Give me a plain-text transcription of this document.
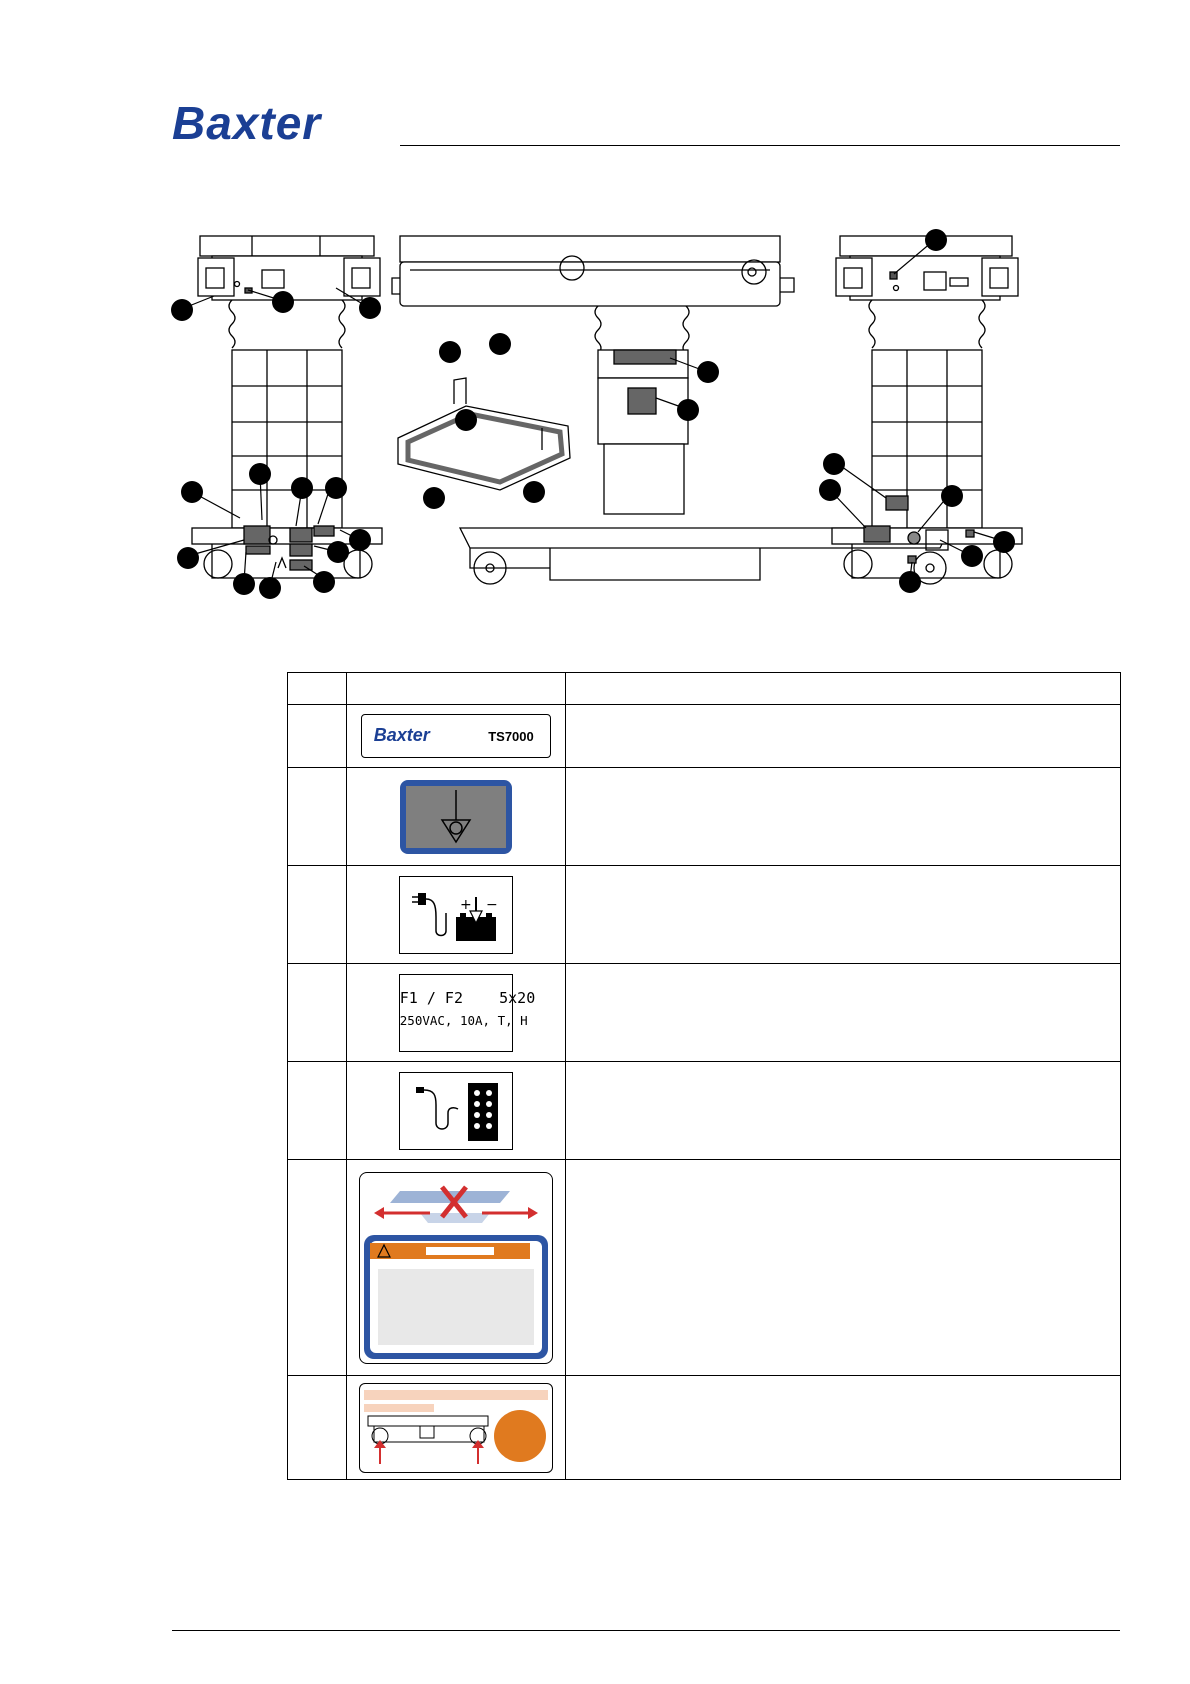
Baxter

	Baxter TS7000	

+ −	

	F1 / F2    5x20
250VAC, 10A, T, H	
